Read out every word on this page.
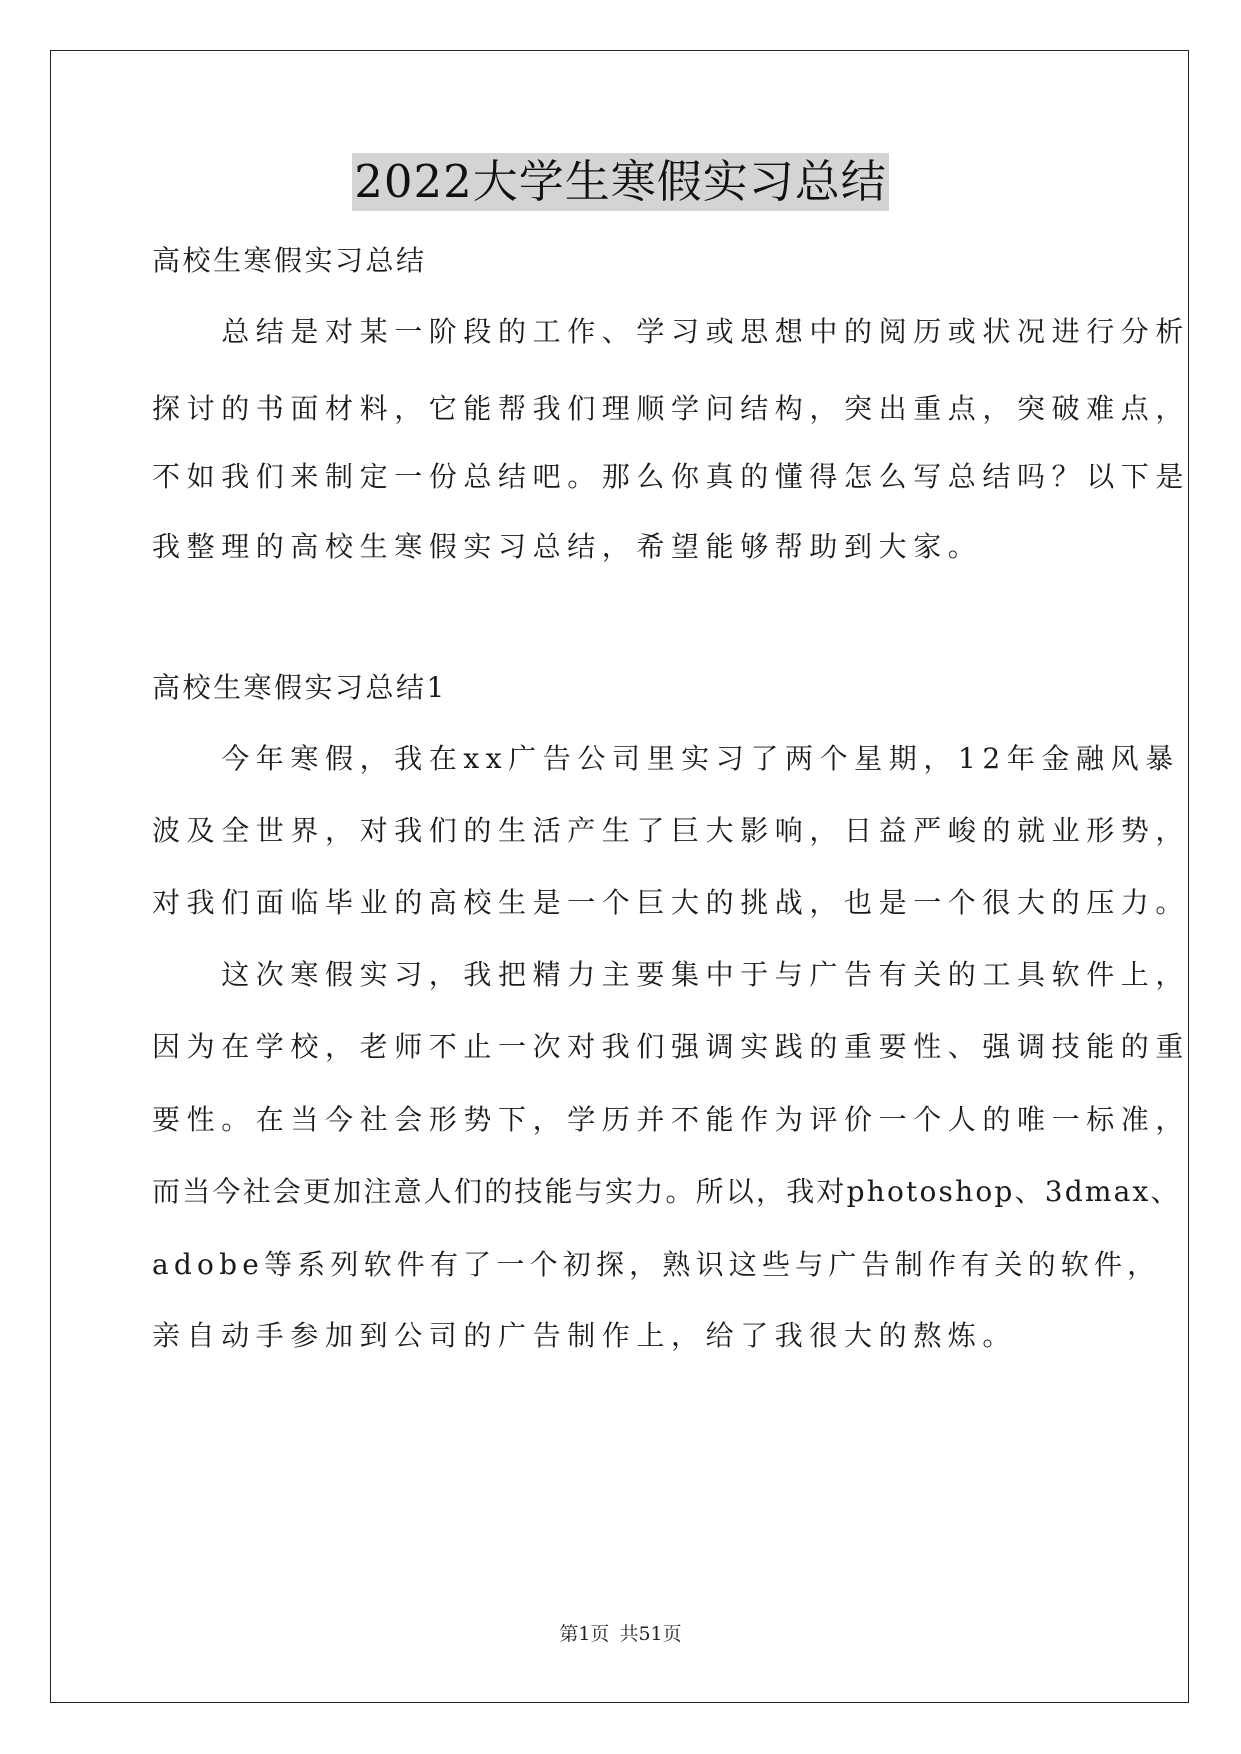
2022大学生寒假实习总结
高校生寒假实习总结
　　总结是对某一阶段的工作、学习或思想中的阅历或状况进行分析
探讨的书面材料，它能帮我们理顺学问结构，突出重点，突破难点，
不如我们来制定一份总结吧。那么你真的懂得怎么写总结吗？以下是
我整理的高校生寒假实习总结，希望能够帮助到大家。
高校生寒假实习总结1
　　今年寒假，我在xx广告公司里实习了两个星期，12年金融风暴
波及全世界，对我们的生活产生了巨大影响，日益严峻的就业形势，
对我们面临毕业的高校生是一个巨大的挑战，也是一个很大的压力。
　　这次寒假实习，我把精力主要集中于与广告有关的工具软件上，
因为在学校，老师不止一次对我们强调实践的重要性、强调技能的重
要性。在当今社会形势下，学历并不能作为评价一个人的唯一标准，
而当今社会更加注意人们的技能与实力。所以，我对photoshop、3dmax、
adobe等系列软件有了一个初探，熟识这些与广告制作有关的软件，
亲自动手参加到公司的广告制作上，给了我很大的熬炼。
第1页 共51页
